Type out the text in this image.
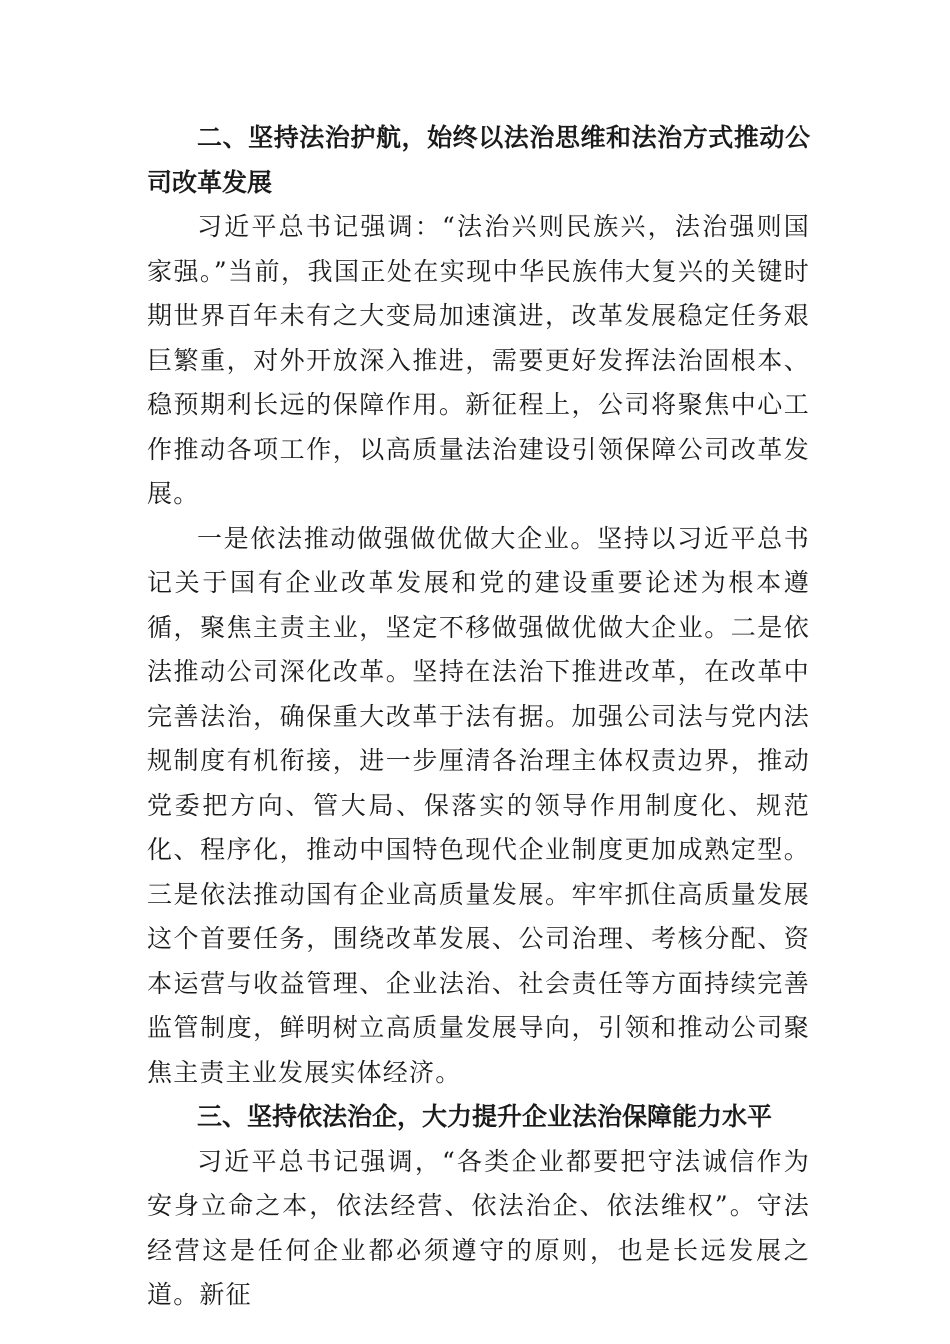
二、坚持法治护航，始终以法治思维和法治方式推动公司改革发展

习近平总书记强调：“法治兴则民族兴，法治强则国家强。”当前，我国正处在实现中华民族伟大复兴的关键时期世界百年未有之大变局加速演进，改革发展稳定任务艰巨繁重，对外开放深入推进，需要更好发挥法治固根本、稳预期利长远的保障作用。新征程上，公司将聚焦中心工作推动各项工作，以高质量法治建设引领保障公司改革发展。

一是依法推动做强做优做大企业。坚持以习近平总书记关于国有企业改革发展和党的建设重要论述为根本遵循，聚焦主责主业，坚定不移做强做优做大企业。二是依法推动公司深化改革。坚持在法治下推进改革，在改革中完善法治，确保重大改革于法有据。加强公司法与党内法规制度有机衔接，进一步厘清各治理主体权责边界，推动党委把方向、管大局、保落实的领导作用制度化、规范化、程序化，推动中国特色现代企业制度更加成熟定型。三是依法推动国有企业高质量发展。牢牢抓住高质量发展这个首要任务，围绕改革发展、公司治理、考核分配、资本运营与收益管理、企业法治、社会责任等方面持续完善监管制度，鲜明树立高质量发展导向，引领和推动公司聚焦主责主业发展实体经济。

三、坚持依法治企，大力提升企业法治保障能力水平

习近平总书记强调，“各类企业都要把守法诚信作为安身立命之本，依法经营、依法治企、依法维权”。守法经营这是任何企业都必须遵守的原则，也是长远发展之道。新征
